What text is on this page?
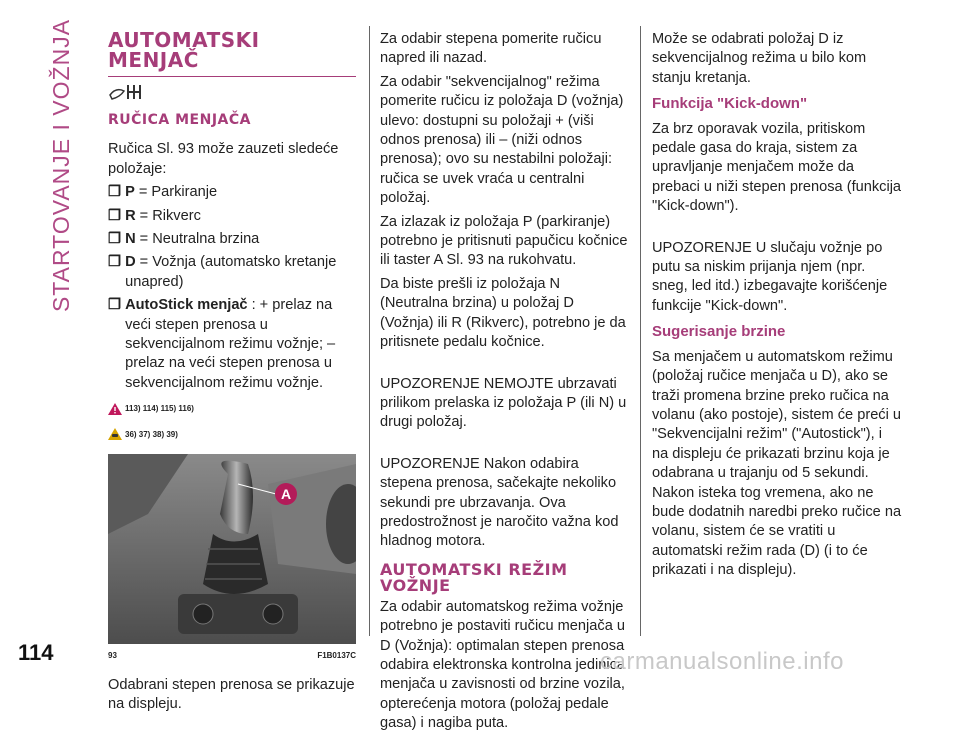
STARTOVANJE I VOŽNJA AUTOMATSKI MENJAČ
RUČICA MENJAČA

Ručica Sl. 93 može zauzeti sledeće položaje:

❒ P = Parkiranje
❒ R = Rikverc
❒ N = Neutralna brzina
❒ D = Vožnja (automatsko kretanje unapred)
❒ AutoStick menjač : + prelaz na veći stepen prenosa u sekvencijalnom režimu vožnje; – prelaz na veći stepen prenosa u sekvencijalnom režimu vožnje.
113) 114) 115) 116)
36) 37) 38) 39)
A
93	F1B0137C

Odabrani stepen prenosa se prikazuje na displeju.

Za odabir stepena pomerite ručicu napred ili nazad.

Za odabir "sekvencijalnog" režima pomerite ručicu iz položaja D (vožnja) ulevo: dostupni su položaji + (viši odnos prenosa) ili – (niži odnos prenosa); ovo su nestabilni položaji: ručica se uvek vraća u centralni položaj.

Za izlazak iz položaja P (parkiranje) potrebno je pritisnuti papučicu kočnice ili taster A Sl. 93 na rukohvatu.

Da biste prešli iz položaja N (Neutralna brzina) u položaj D (Vožnja) ili R (Rikverc), potrebno je da pritisnete pedalu kočnice.

UPOZORENJE NEMOJTE ubrzavati prilikom prelaska iz položaja P (ili N) u drugi položaj.

UPOZORENJE Nakon odabira stepena prenosa, sačekajte nekoliko sekundi pre ubrzavanja. Ova predostrožnost je naročito važna kod hladnog motora.

AUTOMATSKI REŽIM VOŽNJE

Za odabir automatskog režima vožnje potrebno je postaviti ručicu menjača u D (Vožnja): optimalan stepen prenosa odabira elektronska kontrolna jedinica menjača u zavisnosti od brzine vozila, opterećenja motora (položaj pedale gasa) i nagiba puta.

Može se odabrati položaj D iz sekvencijalnog režima u bilo kom stanju kretanja.

Funkcija "Kick-down"

Za brz oporavak vozila, pritiskom pedale gasa do kraja, sistem za upravljanje menjačem može da prebaci u niži stepen prenosa (funkcija "Kick-down").

UPOZORENJE U slučaju vožnje po putu sa niskim prijanja njem (npr. sneg, led itd.) izbegavajte korišćenje funkcije "Kick-down".

Sugerisanje brzine

Sa menjačem u automatskom režimu (položaj ručice menjača u D), ako se traži promena brzine preko ručica na volanu (ako postoje), sistem će preći u "Sekvencijalni režim" ("Autostick"), i na displeju će prikazati brzinu koja je odabrana u trajanju od 5 sekundi. Nakon isteka tog vremena, ako ne bude dodatnih naredbi preko ručice na volanu, sistem će se vratiti u automatski režim rada (D) (i to će prikazati i na displeju).

114	carmanualsonline.info
